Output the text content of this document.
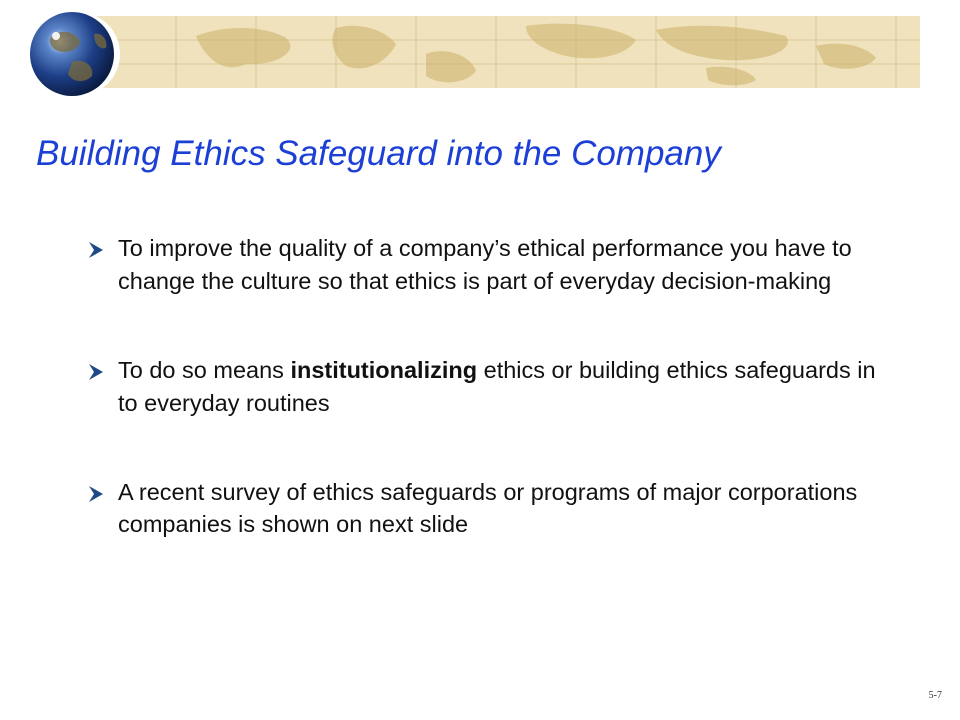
Building Ethics Safeguard into the Company
To improve the quality of a company’s ethical performance you have to change the culture so that ethics is part of everyday decision-making
To do so means institutionalizing ethics or building ethics safeguards in to everyday routines
A recent survey of ethics safeguards or programs of major corporations companies is shown on next slide
5-7
